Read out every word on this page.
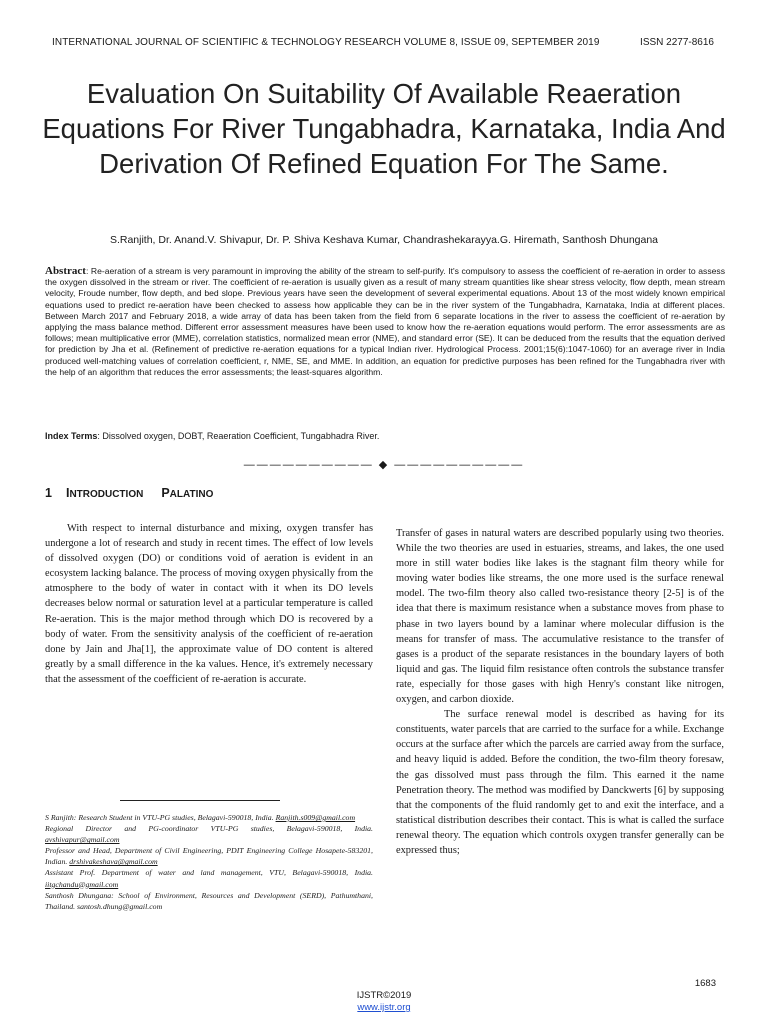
INTERNATIONAL JOURNAL OF SCIENTIFIC & TECHNOLOGY RESEARCH VOLUME 8, ISSUE 09, SEPTEMBER 2019	ISSN 2277-8616
Evaluation On Suitability Of Available Reaeration Equations For River Tungabhadra, Karnataka, India And Derivation Of Refined Equation For The Same.
S.Ranjith, Dr. Anand.V. Shivapur, Dr. P. Shiva Keshava Kumar, Chandrashekarayya.G. Hiremath, Santhosh Dhungana
Abstract: Re-aeration of a stream is very paramount in improving the ability of the stream to self-purify. It's compulsory to assess the coefficient of re-aeration in order to assess the oxygen dissolved in the stream or river. The coefficient of re-aeration is usually given as a result of many stream quantities like shear stress velocity, flow depth, mean stream velocity, Froude number, flow depth, and bed slope. Previous years have seen the development of several experimental equations. About 13 of the most widely known empirical equations used to predict re-aeration have been checked to assess how applicable they can be in the river system of the Tungabhadra, Karnataka, India at different places. Between March 2017 and February 2018, a wide array of data has been taken from the field from 6 separate locations in the river to assess the coefficient of re-aeration by applying the mass balance method. Different error assessment measures have been used to know how the re-aeration equations would perform. The error assessments are as follows; mean multiplicative error (MME), correlation statistics, normalized mean error (NME), and standard error (SE). It can be deduced from the results that the equation derived for prediction by Jha et al. (Refinement of predictive re-aeration equations for a typical Indian river. Hydrological Process. 2001;15(6):1047-1060) for an average river in India produced well-matching values of correlation coefficient, r, NME, SE, and MME. In addition, an equation for predictive purposes has been refined for the Tungabhadra river with the help of an algorithm that reduces the error assessments; the least-squares algorithm.
Index Terms: Dissolved oxygen, DOBT, Reaeration Coefficient, Tungabhadra River.
—————————— ◆ ——————————
1 INTRODUCTION PALATINO

With respect to internal disturbance and mixing, oxygen transfer has undergone a lot of research and study in recent times. The effect of low levels of dissolved oxygen (DO) or conditions void of aeration is evident in an ecosystem lacking balance. The process of moving oxygen physically from the atmosphere to the body of water in contact with it when its DO levels decreases below normal or saturation level at a particular temperature is called Re-aeration. This is the major method through which DO is recovered by a body of water. From the sensitivity analysis of the coefficient of re-aeration done by Jain and Jha[1], the approximate value of DO content is altered greatly by a small difference in the ka values. Hence, it's extremely necessary that the assessment of the coefficient of re-aeration is accurate.

S Ranjith: Research Student in VTU-PG studies, Belagavi-590018, India. Ranjith.s009@gmail.com

Regional Director and PG-coordinator VTU-PG studies, Belagavi-590018, India. avshivapur@gmail.com

Professor and Head, Department of Civil Engineering, PDIT Engineering College Hosapete-583201, Indian. drshivakeshava@gmail.com

Assistant Prof. Department of water and land management, VTU, Belagavi-590018, India. iitgchandu@gmail.com

Santhosh Dhungana: School of Environment, Resources and Development (SERD), Pathumthani, Thailand. santosh.dhung@gmail.com

Transfer of gases in natural waters are described popularly using two theories. While the two theories are used in estuaries, streams, and lakes, the one used more in still water bodies like lakes is the stagnant film theory while for moving water bodies like streams, the one more used is the surface renewal model. The two-film theory also called two-resistance theory [2-5] is of the idea that there is maximum resistance when a substance moves from phase to phase in two layers bound by a laminar where molecular diffusion is the means for transfer of mass. The accumulative resistance to the transfer of gases is a product of the separate resistances in the boundary layers of both liquid and gas. The liquid film resistance often controls the substance transfer rate, especially for those gases with high Henry's constant like nitrogen, oxygen, and carbon dioxide.

The surface renewal model is described as having for its constituents, water parcels that are carried to the surface for a while. Exchange occurs at the surface after which the parcels are carried away from the surface, and heavy liquid is added. Before the condition, the two-film theory foresaw, the gas dissolved must pass through the film. This earned it the name Penetration theory. The method was modified by Danckwerts [6] by supposing that the components of the fluid randomly get to and exit the interface, and a statistical distribution describes their contact. This is what is called the surface renewal theory. The equation which controls oxygen transfer generally can be expressed thus;

1683
IJSTR©2019
www.ijstr.org
